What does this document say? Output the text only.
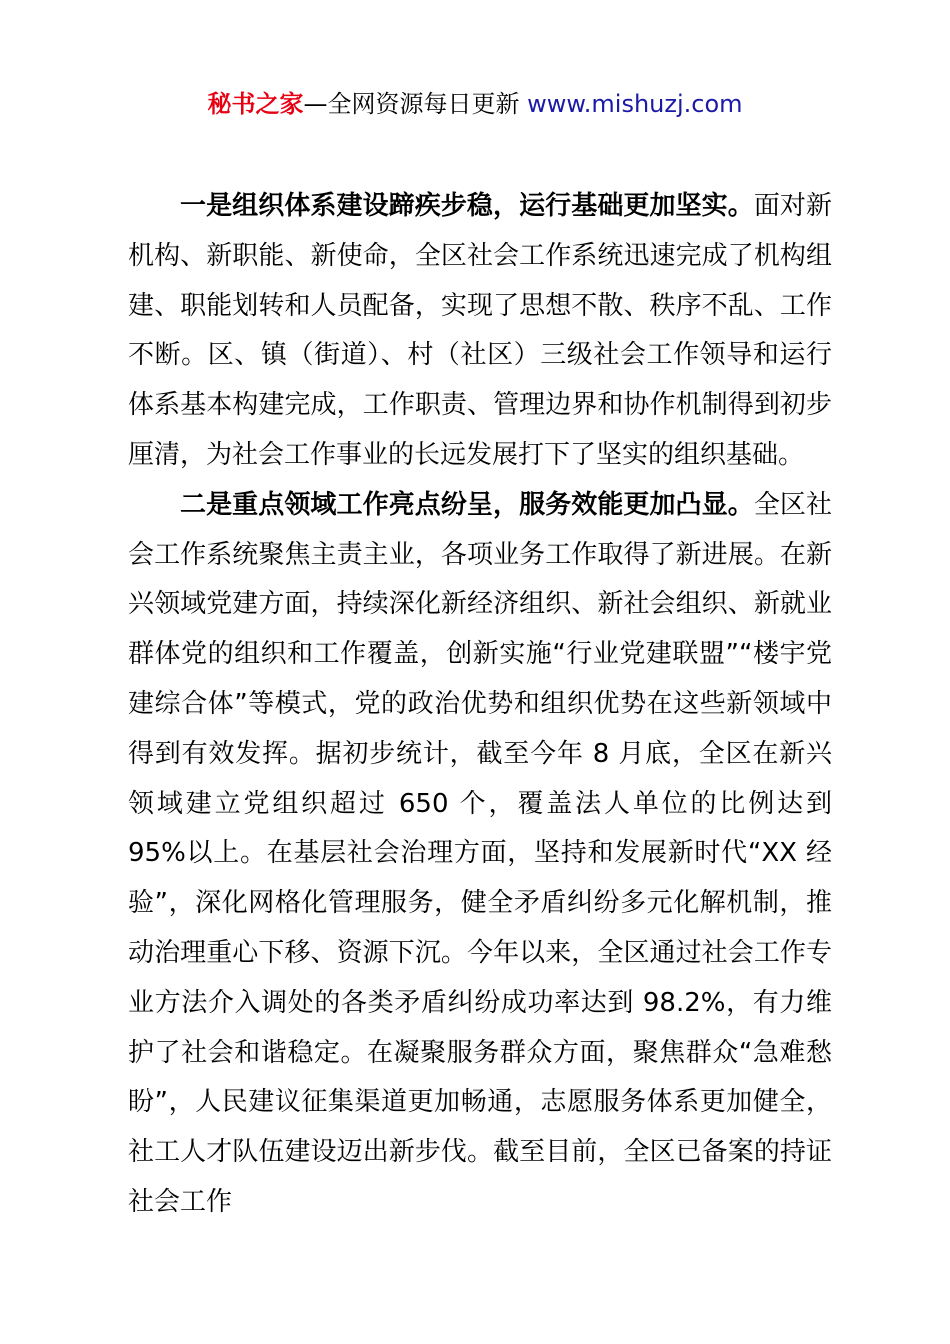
秘书之家—全网资源每日更新 www.mishuzj.com

一是组织体系建设蹄疾步稳，运行基础更加坚实。面对新机构、新职能、新使命，全区社会工作系统迅速完成了机构组建、职能划转和人员配备，实现了思想不散、秩序不乱、工作不断。区、镇（街道）、村（社区）三级社会工作领导和运行体系基本构建完成，工作职责、管理边界和协作机制得到初步厘清，为社会工作事业的长远发展打下了坚实的组织基础。

二是重点领域工作亮点纷呈，服务效能更加凸显。全区社会工作系统聚焦主责主业，各项业务工作取得了新进展。在新兴领域党建方面，持续深化新经济组织、新社会组织、新就业群体党的组织和工作覆盖，创新实施“行业党建联盟”“楼宇党建综合体”等模式，党的政治优势和组织优势在这些新领域中得到有效发挥。据初步统计，截至今年 8 月底，全区在新兴领域建立党组织超过 650 个，覆盖法人单位的比例达到 95%以上。在基层社会治理方面，坚持和发展新时代“XX 经验”，深化网格化管理服务，健全矛盾纠纷多元化解机制，推动治理重心下移、资源下沉。今年以来，全区通过社会工作专业方法介入调处的各类矛盾纠纷成功率达到 98.2%，有力维护了社会和谐稳定。在凝聚服务群众方面，聚焦群众“急难愁盼”，人民建议征集渠道更加畅通，志愿服务体系更加健全，社工人才队伍建设迈出新步伐。截至目前，全区已备案的持证社会工作
